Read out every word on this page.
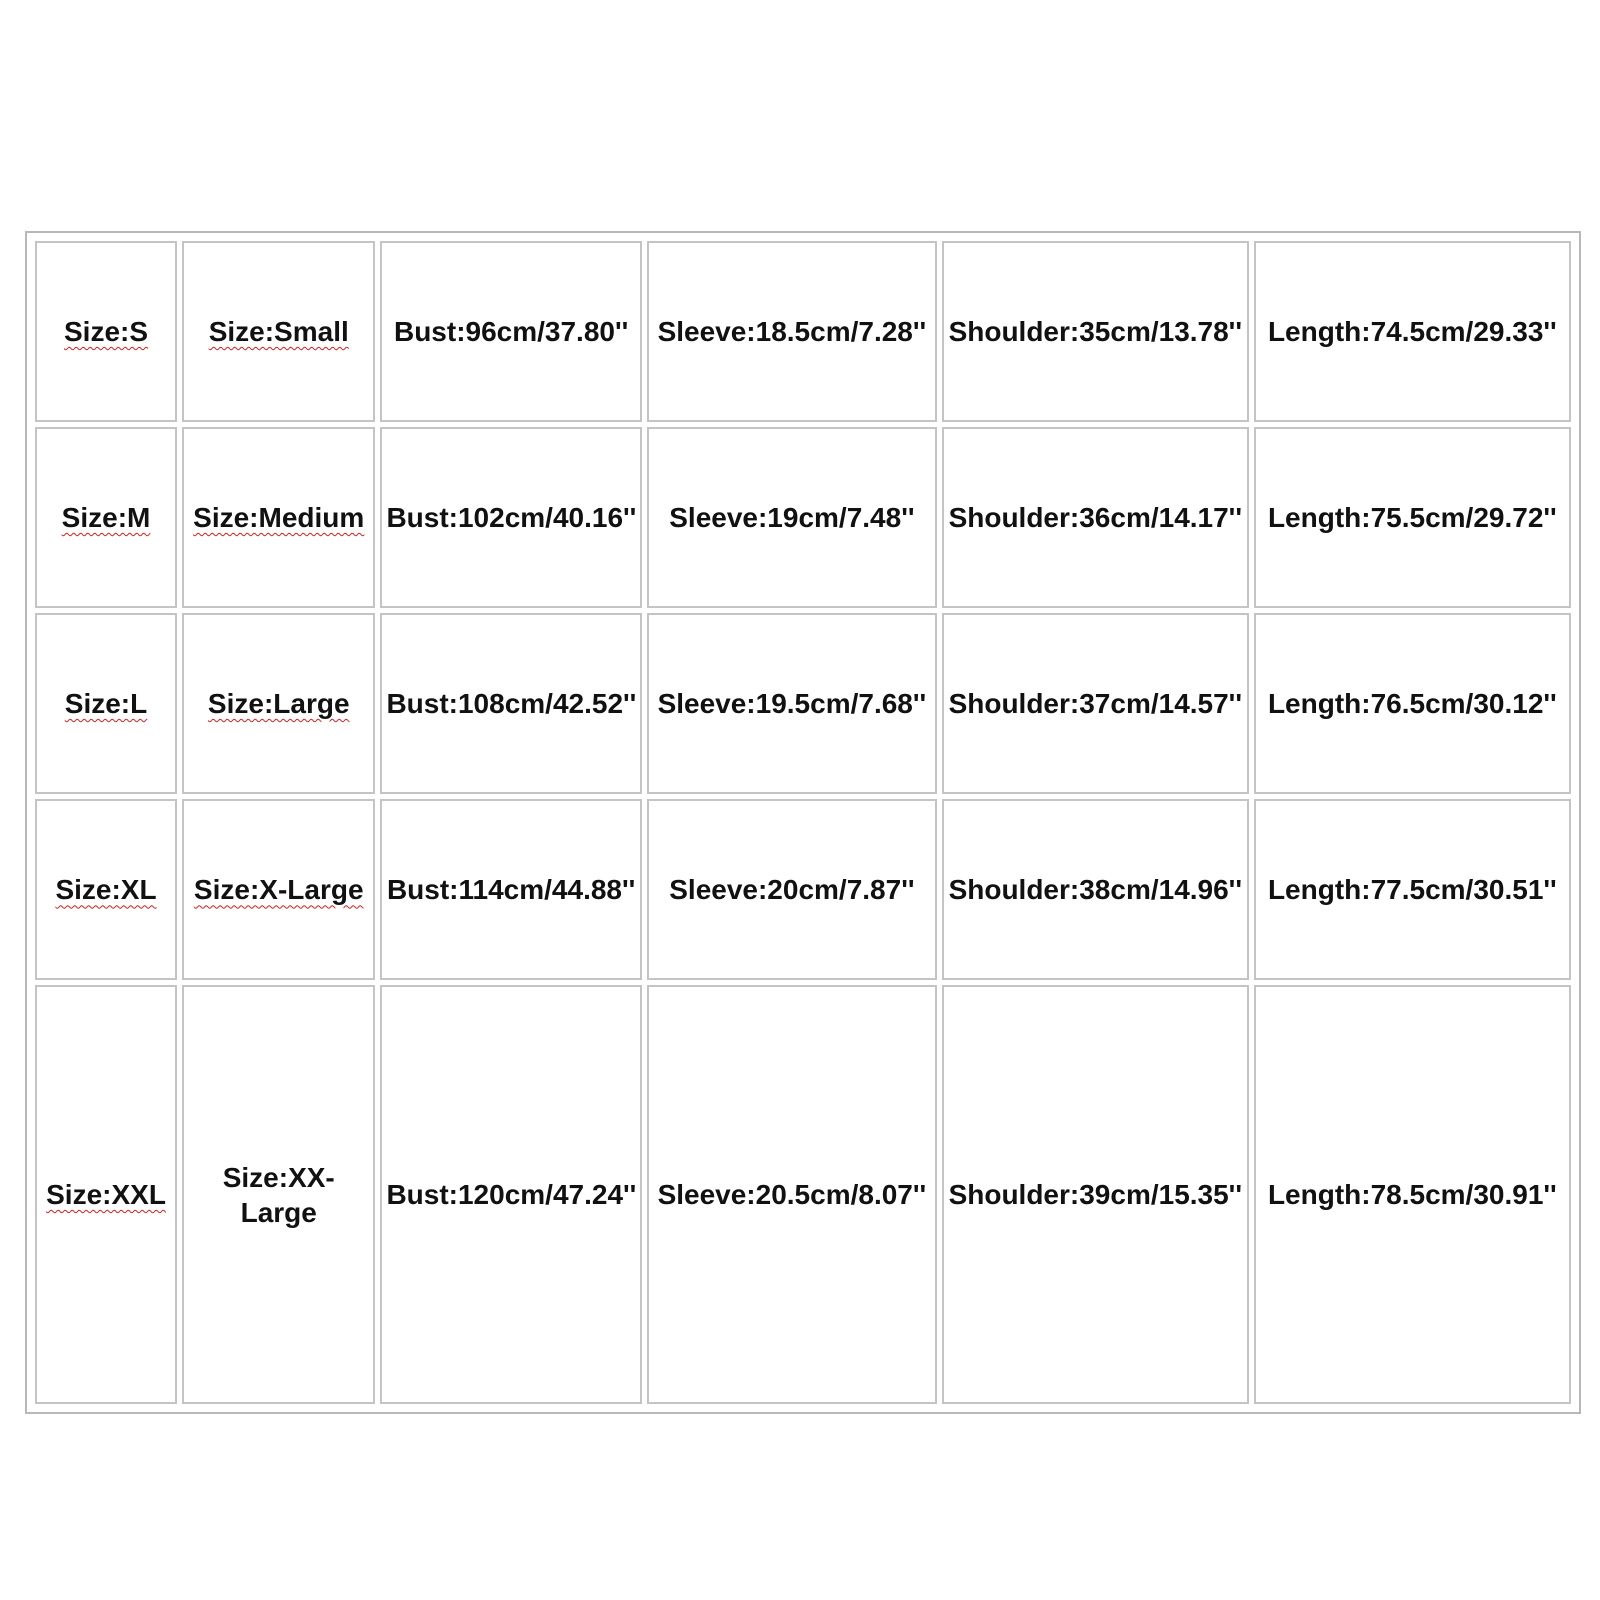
Size:S	Size:Small	Bust:96cm/37.80''	Sleeve:18.5cm/7.28''	Shoulder:35cm/13.78''	Length:74.5cm/29.33''
Size:M	Size:Medium	Bust:102cm/40.16''	Sleeve:19cm/7.48''	Shoulder:36cm/14.17''	Length:75.5cm/29.72''
Size:L	Size:Large	Bust:108cm/42.52''	Sleeve:19.5cm/7.68''	Shoulder:37cm/14.57''	Length:76.5cm/30.12''
Size:XL	Size:X-Large	Bust:114cm/44.88''	Sleeve:20cm/7.87''	Shoulder:38cm/14.96''	Length:77.5cm/30.51''
Size:XXL	Size:XX-Large	Bust:120cm/47.24''	Sleeve:20.5cm/8.07''	Shoulder:39cm/15.35''	Length:78.5cm/30.91''
